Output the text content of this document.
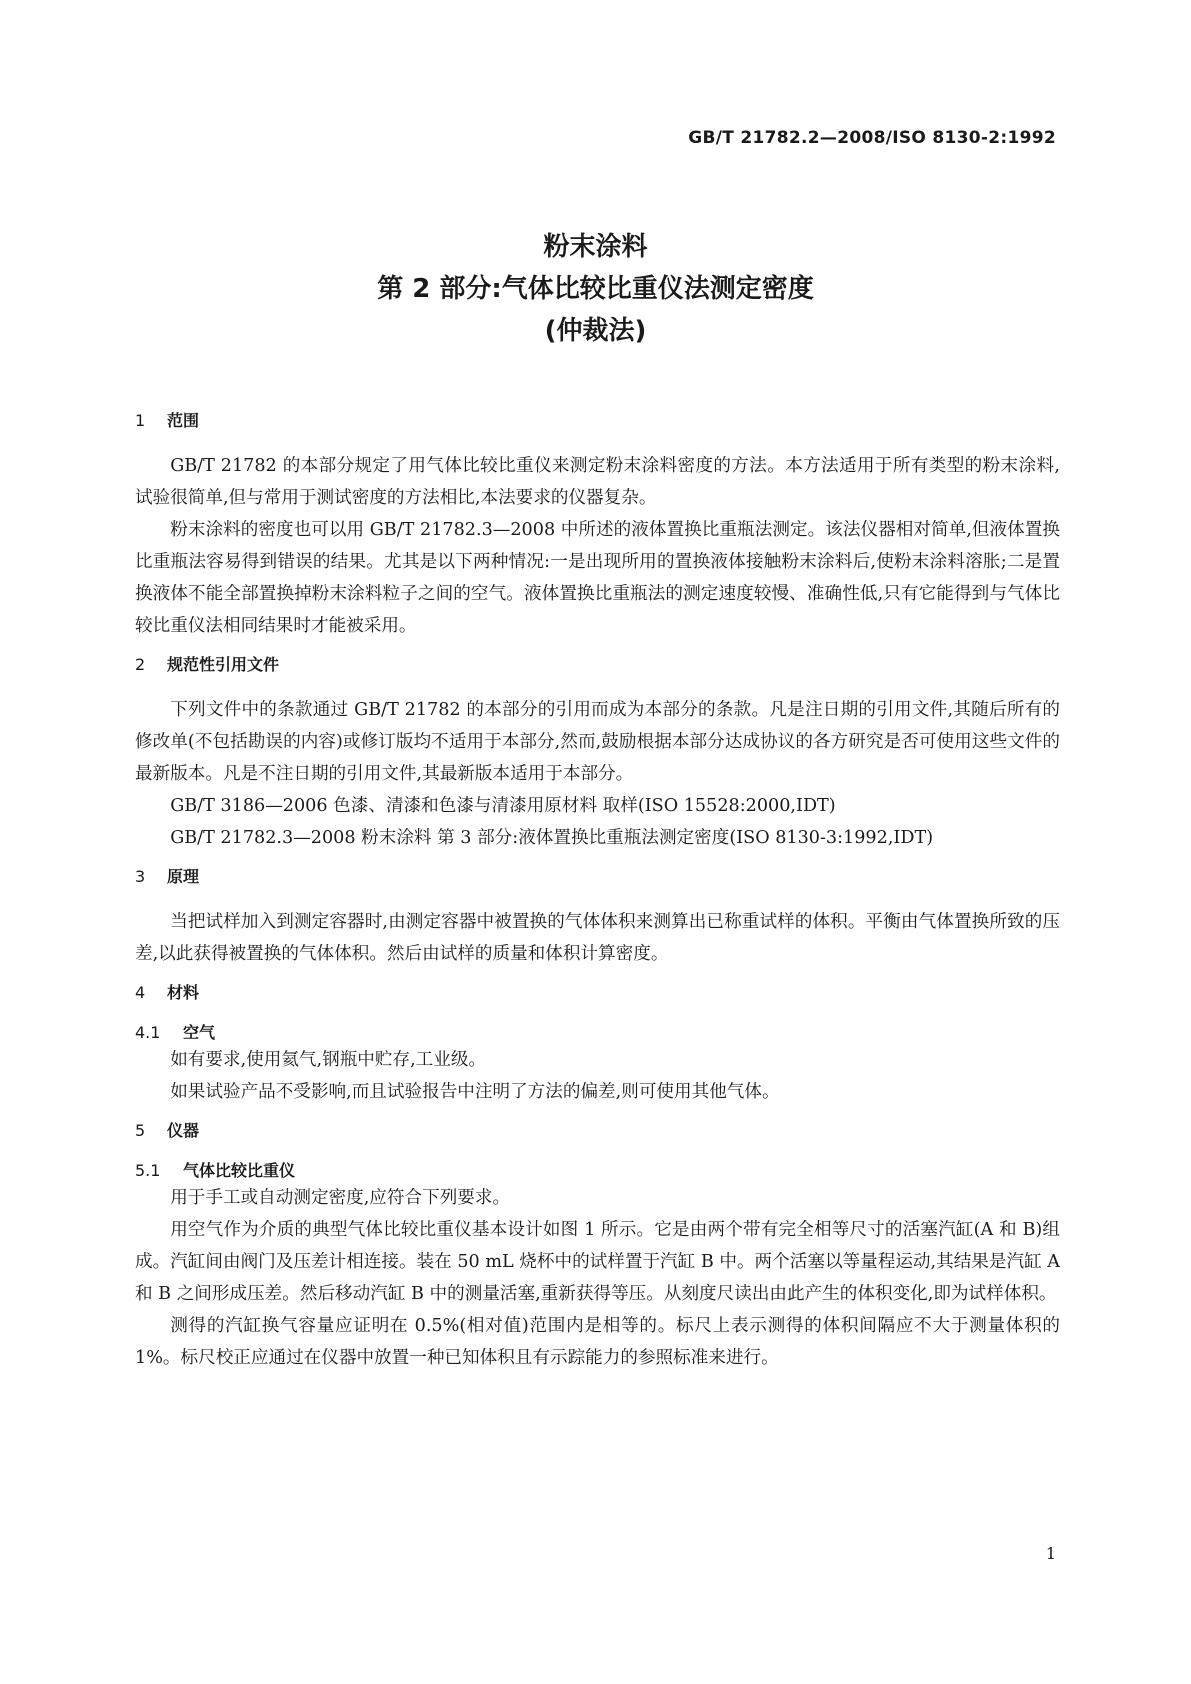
GB/T 21782.2—2008/ISO 8130-2:1992
粉末涂料
第 2 部分:气体比较比重仪法测定密度
(仲裁法)
1 范围

GB/T 21782 的本部分规定了用气体比较比重仪来测定粉末涂料密度的方法。本方法适用于所有类型的粉末涂料,试验很简单,但与常用于测试密度的方法相比,本法要求的仪器复杂。

粉末涂料的密度也可以用 GB/T 21782.3—2008 中所述的液体置换比重瓶法测定。该法仪器相对简单,但液体置换比重瓶法容易得到错误的结果。尤其是以下两种情况:一是出现所用的置换液体接触粉末涂料后,使粉末涂料溶胀;二是置换液体不能全部置换掉粉末涂料粒子之间的空气。液体置换比重瓶法的测定速度较慢、准确性低,只有它能得到与气体比较比重仪法相同结果时才能被采用。

2 规范性引用文件

下列文件中的条款通过 GB/T 21782 的本部分的引用而成为本部分的条款。凡是注日期的引用文件,其随后所有的修改单(不包括勘误的内容)或修订版均不适用于本部分,然而,鼓励根据本部分达成协议的各方研究是否可使用这些文件的最新版本。凡是不注日期的引用文件,其最新版本适用于本部分。

GB/T 3186—2006 色漆、清漆和色漆与清漆用原材料 取样(ISO 15528:2000,IDT)

GB/T 21782.3—2008 粉末涂料 第 3 部分:液体置换比重瓶法测定密度(ISO 8130-3:1992,IDT)

3 原理

当把试样加入到测定容器时,由测定容器中被置换的气体体积来测算出已称重试样的体积。平衡由气体置换所致的压差,以此获得被置换的气体体积。然后由试样的质量和体积计算密度。

4 材料
4.1 空气

如有要求,使用氦气,钢瓶中贮存,工业级。

如果试验产品不受影响,而且试验报告中注明了方法的偏差,则可使用其他气体。

5 仪器
5.1 气体比较比重仪

用于手工或自动测定密度,应符合下列要求。

用空气作为介质的典型气体比较比重仪基本设计如图 1 所示。它是由两个带有完全相等尺寸的活塞汽缸(A 和 B)组成。汽缸间由阀门及压差计相连接。装在 50 mL 烧杯中的试样置于汽缸 B 中。两个活塞以等量程运动,其结果是汽缸 A 和 B 之间形成压差。然后移动汽缸 B 中的测量活塞,重新获得等压。从刻度尺读出由此产生的体积变化,即为试样体积。

测得的汽缸换气容量应证明在 0.5%(相对值)范围内是相等的。标尺上表示测得的体积间隔应不大于测量体积的 1%。标尺校正应通过在仪器中放置一种已知体积且有示踪能力的参照标准来进行。

1
